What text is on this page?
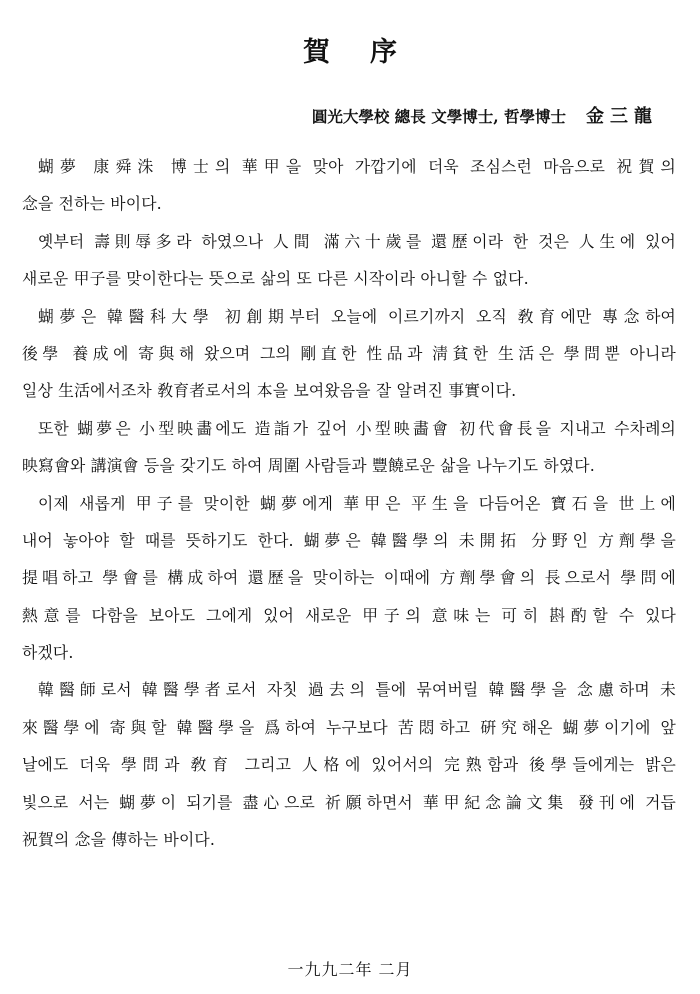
賀序
圓光大學校 總長 文學博士, 哲學博士 金三龍
蝴夢 康舜洙 博士의 華甲을 맞아 가깝기에 더욱 조심스런 마음으로 祝賀의
念을 전하는 바이다.
옛부터 壽則辱多라 하였으나 人間 滿六十歲를 還歷이라 한 것은 人生에 있어
새로운 甲子를 맞이한다는 뜻으로 삶의 또 다른 시작이라 아니할 수 없다.
蝴夢은 韓醫科大學 初創期부터 오늘에 이르기까지 오직 敎育에만 專念하여
後學 養成에 寄與해 왔으며 그의 剛直한 性品과 淸貧한 生活은 學問뿐 아니라
일상 生活에서조차 敎育者로서의 本을 보여왔음을 잘 알려진 事實이다.
또한 蝴夢은 小型映畵에도 造詣가 깊어 小型映畵會 初代會長을 지내고 수차례의
映寫會와 講演會 등을 갖기도 하여 周圍 사람들과 豐饒로운 삶을 나누기도 하였다.
이제 새롭게 甲子를 맞이한 蝴夢에게 華甲은 平生을 다듬어온 寶石을 世上에
내어 놓아야 할 때를 뜻하기도 한다. 蝴夢은 韓醫學의 未開拓 分野인 方劑學을
提唱하고 學會를 構成하여 還歷을 맞이하는 이때에 方劑學會의 長으로서 學問에
熱意를 다함을 보아도 그에게 있어 새로운 甲子의 意味는 可히 斟酌할 수 있다
하겠다.
韓醫師로서 韓醫學者로서 자칫 過去의 틀에 묶여버릴 韓醫學을 念慮하며 未
來醫學에 寄與할 韓醫學을 爲하여 누구보다 苦悶하고 硏究해온 蝴夢이기에 앞
날에도 더욱 學問과 敎育 그리고 人格에 있어서의 完熟함과 後學들에게는 밝은
빛으로 서는 蝴夢이 되기를 盡心으로 祈願하면서 華甲紀念論文集 發刊에 거듭
祝賀의 念을 傳하는 바이다.
一九九二年 二月
